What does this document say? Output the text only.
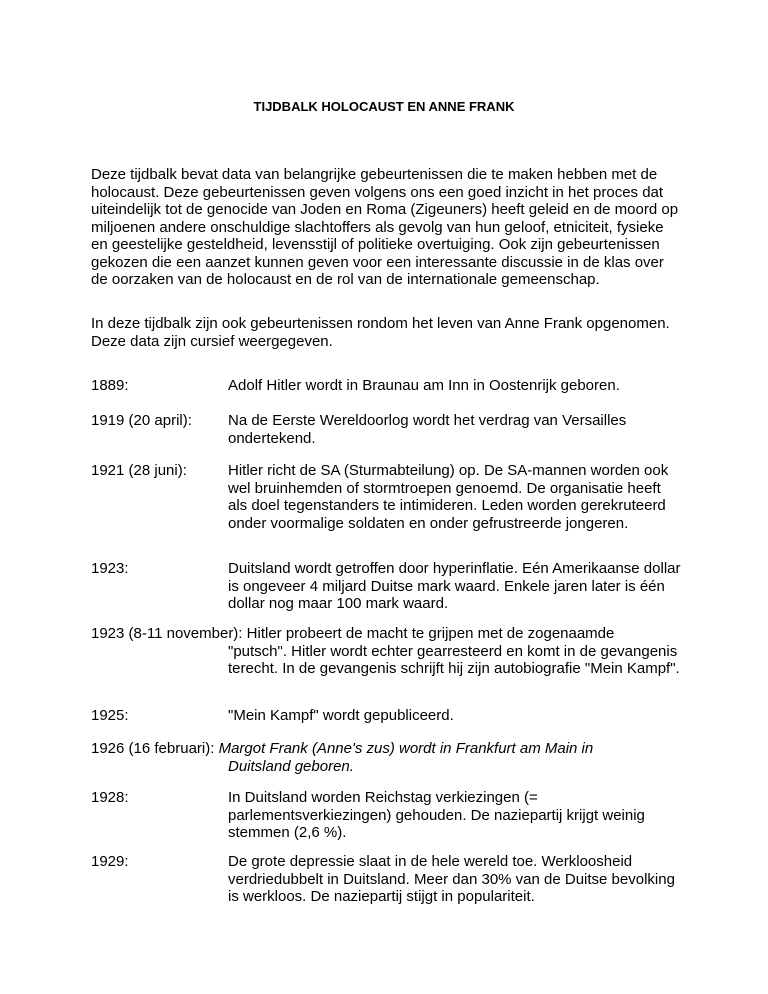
TIJDBALK HOLOCAUST EN ANNE FRANK
Deze tijdbalk bevat data van belangrijke gebeurtenissen die te maken hebben met de holocaust. Deze gebeurtenissen geven volgens ons een goed inzicht in het proces dat uiteindelijk tot de genocide van Joden en Roma (Zigeuners) heeft geleid en de moord op miljoenen andere onschuldige slachtoffers als gevolg van hun geloof, etniciteit, fysieke en geestelijke gesteldheid, levensstijl of politieke overtuiging. Ook zijn gebeurtenissen gekozen die een aanzet kunnen geven voor een interessante discussie in de klas over de oorzaken van de holocaust en de rol van de internationale gemeenschap.
In deze tijdbalk zijn ook gebeurtenissen rondom het leven van Anne Frank opgenomen. Deze data zijn cursief weergegeven.
1889:	Adolf Hitler wordt in Braunau am Inn in Oostenrijk geboren.
1919 (20 april): Na de Eerste Wereldoorlog wordt het verdrag van Versailles ondertekend.
1921 (28 juni):	Hitler richt de SA (Sturmabteilung) op. De SA-mannen worden ook wel bruinhemden of stormtroepen genoemd. De organisatie heeft als doel tegenstanders te intimideren. Leden worden gerekruteerd onder voormalige soldaten en onder gefrustreerde jongeren.
1923:	Duitsland wordt getroffen door hyperinflatie. Eén Amerikaanse dollar is ongeveer 4 miljard Duitse mark waard. Enkele jaren later is één dollar nog maar 100 mark waard.
1923 (8-11 november): Hitler probeert de macht te grijpen met de zogenaamde
"putsch". Hitler wordt echter gearresteerd en komt in de gevangenis terecht. In de gevangenis schrijft hij zijn autobiografie "Mein Kampf".
1925:	"Mein Kampf" wordt gepubliceerd.
1926 (16 februari): Margot Frank (Anne's zus) wordt in Frankfurt am Main in
Duitsland geboren.
1928:	In Duitsland worden Reichstag verkiezingen (= parlementsverkiezingen) gehouden. De naziepartij krijgt weinig stemmen (2,6 %).
1929:	De grote depressie slaat in de hele wereld toe. Werkloosheid verdriedubbelt in Duitsland. Meer dan 30% van de Duitse bevolking is werkloos. De naziepartij stijgt in populariteit.
